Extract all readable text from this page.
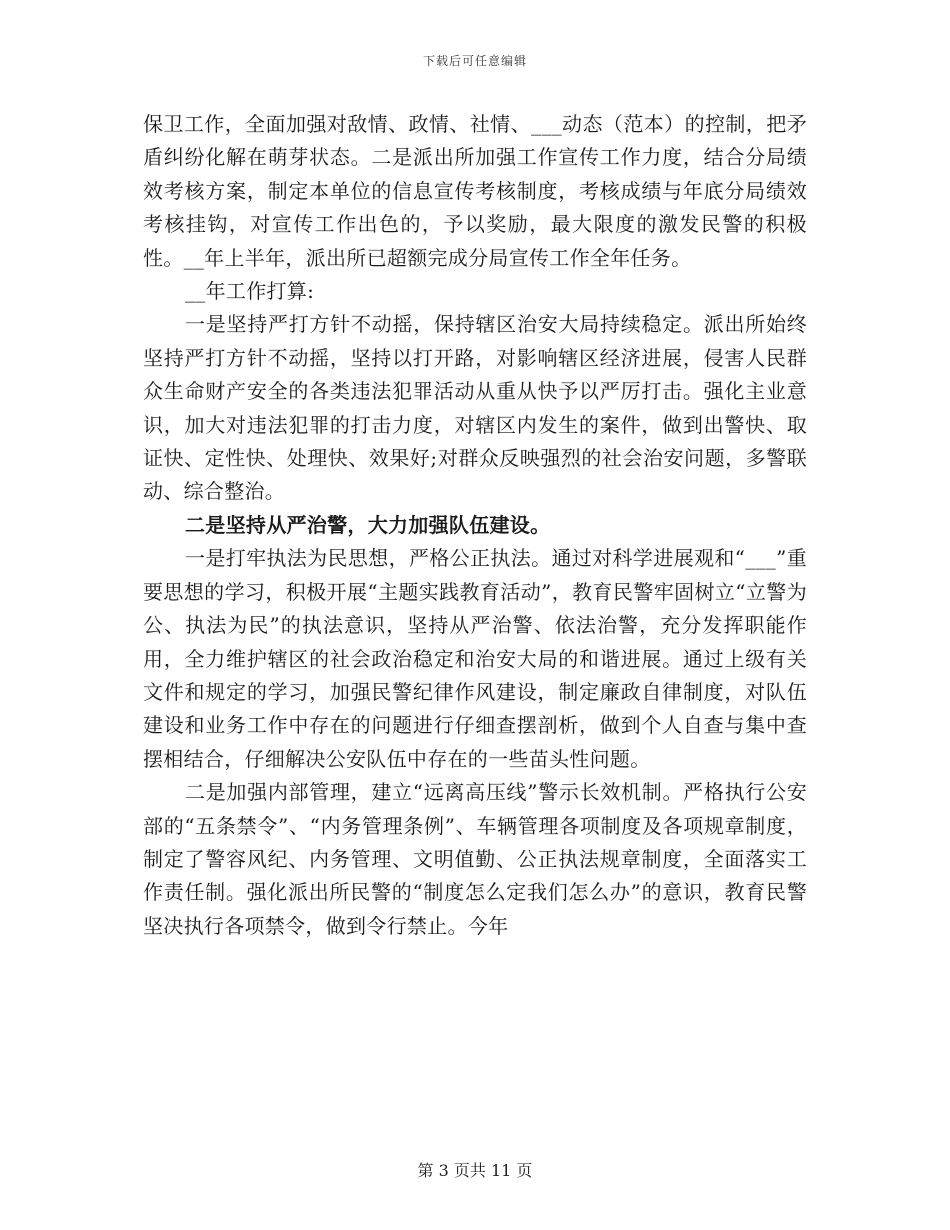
下载后可任意编辑

保卫工作，全面加强对敌情、政情、社情、___动态（范本）的控制，把矛盾纠纷化解在萌芽状态。二是派出所加强工作宣传工作力度，结合分局绩效考核方案，制定本单位的信息宣传考核制度，考核成绩与年底分局绩效考核挂钩，对宣传工作出色的，予以奖励，最大限度的激发民警的积极性。__年上半年，派出所已超额完成分局宣传工作全年任务。

__年工作打算:

一是坚持严打方针不动摇，保持辖区治安大局持续稳定。派出所始终坚持严打方针不动摇，坚持以打开路，对影响辖区经济进展，侵害人民群众生命财产安全的各类违法犯罪活动从重从快予以严厉打击。强化主业意识，加大对违法犯罪的打击力度，对辖区内发生的案件，做到出警快、取证快、定性快、处理快、效果好;对群众反映强烈的社会治安问题，多警联动、综合整治。

二是坚持从严治警，大力加强队伍建设。

一是打牢执法为民思想，严格公正执法。通过对科学进展观和“___”重要思想的学习，积极开展“主题实践教育活动”，教育民警牢固树立“立警为公、执法为民”的执法意识，坚持从严治警、依法治警，充分发挥职能作用，全力维护辖区的社会政治稳定和治安大局的和谐进展。通过上级有关文件和规定的学习，加强民警纪律作风建设，制定廉政自律制度，对队伍建设和业务工作中存在的问题进行仔细查摆剖析，做到个人自查与集中查摆相结合，仔细解决公安队伍中存在的一些苗头性问题。

二是加强内部管理，建立“远离高压线”警示长效机制。严格执行公安部的“五条禁令”、“内务管理条例”、车辆管理各项制度及各项规章制度，制定了警容风纪、内务管理、文明值勤、公正执法规章制度，全面落实工作责任制。强化派出所民警的“制度怎么定我们怎么办”的意识，教育民警坚决执行各项禁令，做到令行禁止。今年

第 3 页共 11 页
